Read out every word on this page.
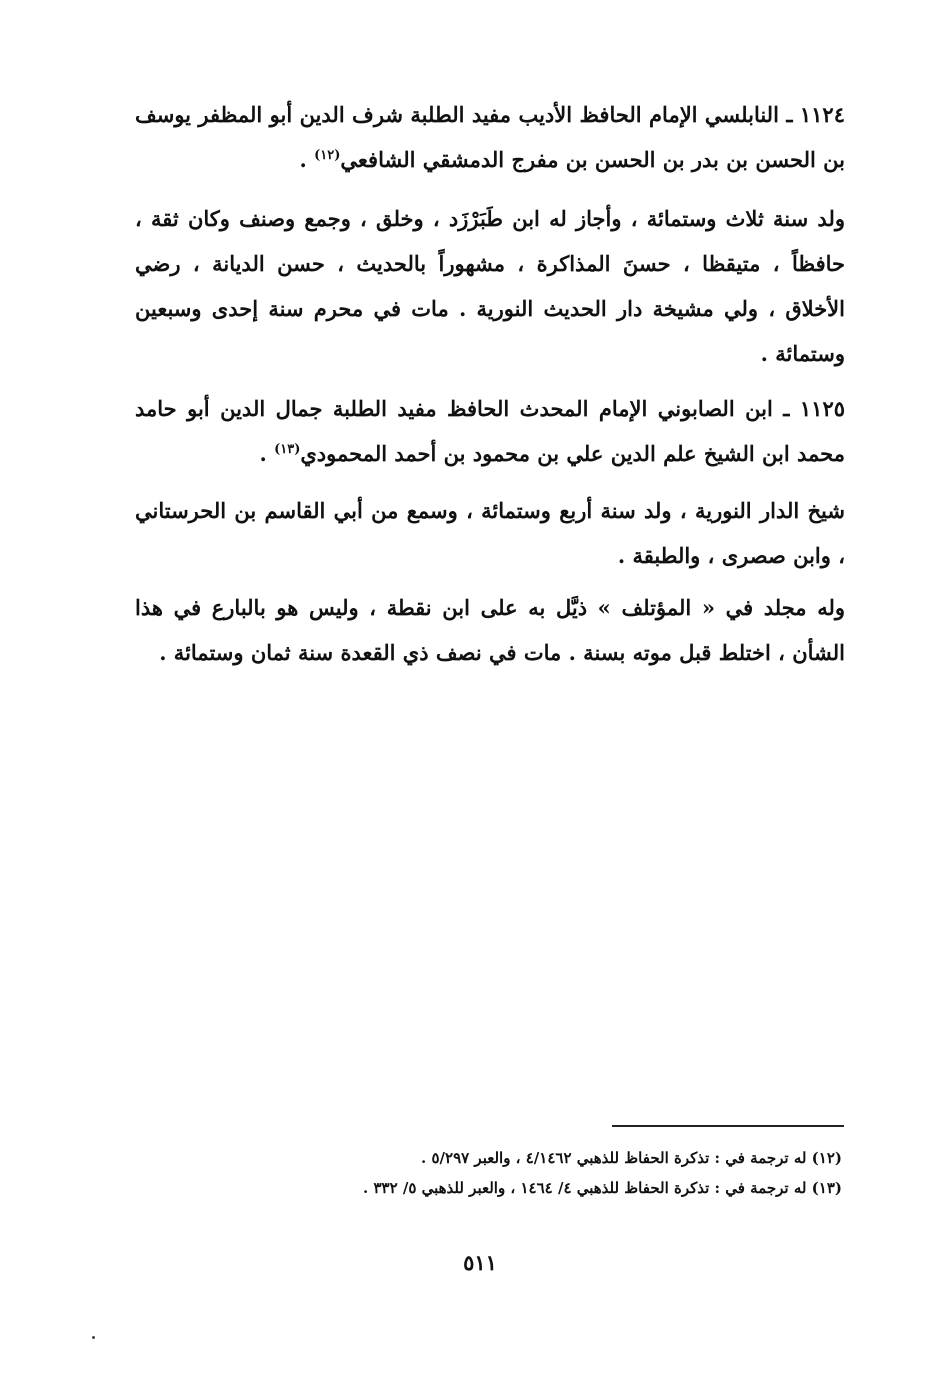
١١٢٤ ـ النابلسي الإمام الحافظ الأديب مفيد الطلبة شرف الدين أبو المظفر يوسف بن الحسن بن بدر بن الحسن بن مفرج الدمشقي الشافعي$^{(١٢)}$ .

ولد سنة ثلاث وستمائة ، وأجاز له ابن طَبَرْزَد ، وخلق ، وجمع وصنف وكان ثقة ، حافظاً ، متيقظا ، حسنَ المذاكرة ، مشهوراً بالحديث ، حسن الديانة ، رضي الأخلاق ، ولي مشيخة دار الحديث النورية . مات في محرم سنة إحدى وسبعين وستمائة .

١١٢٥ ـ ابن الصابوني الإمام المحدث الحافظ مفيد الطلبة جمال الدين أبو حامد محمد ابن الشيخ علم الدين علي بن محمود بن أحمد المحمودي$^{(١٣)}$ .

شيخ الدار النورية ، ولد سنة أربع وستمائة ، وسمع من أبي القاسم بن الحرستاني ، وابن صصرى ، والطبقة .

وله مجلد في « المؤتلف » ذيَّل به على ابن نقطة ، وليس هو بالبارع في هذا الشأن ، اختلط قبل موته بسنة . مات في نصف ذي القعدة سنة ثمان وستمائة .

(١٢) له ترجمة في : تذكرة الحفاظ للذهبي ٤/١٤٦٢ ، والعبر ٥/٢٩٧ .
(١٣) له ترجمة في : تذكرة الحفاظ للذهبي ٤/ ١٤٦٤ ، والعبر للذهبي ٥/ ٣٣٢ .
٥١١
